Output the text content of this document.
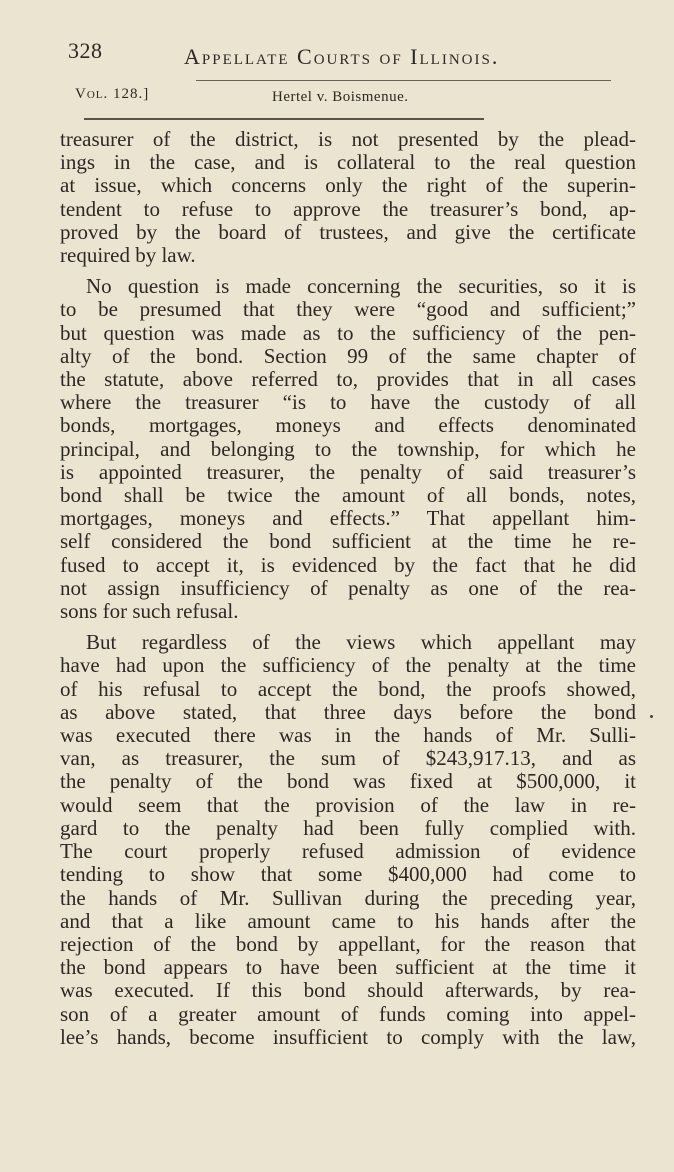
328	Appellate Courts of Illinois.
Vol. 128.]	Hertel v. Boismenue.
treasurer of the district, is not presented by the plead-
ings in the case, and is collateral to the real question
at issue, which concerns only the right of the superin-
tendent to refuse to approve the treasurer’s bond, ap-
proved by the board of trustees, and give the certificate
required by law.
No question is made concerning the securities, so it is
to be presumed that they were “good and sufficient;”
but question was made as to the sufficiency of the pen-
alty of the bond. Section 99 of the same chapter of
the statute, above referred to, provides that in all cases
where the treasurer “is to have the custody of all
bonds, mortgages, moneys and effects denominated
principal, and belonging to the township, for which he
is appointed treasurer, the penalty of said treasurer’s
bond shall be twice the amount of all bonds, notes,
mortgages, moneys and effects.” That appellant him-
self considered the bond sufficient at the time he re-
fused to accept it, is evidenced by the fact that he did
not assign insufficiency of penalty as one of the rea-
sons for such refusal.
But regardless of the views which appellant may
have had upon the sufficiency of the penalty at the time
of his refusal to accept the bond, the proofs showed,
as above stated, that three days before the bond
was executed there was in the hands of Mr. Sulli-
van, as treasurer, the sum of $243,917.13, and as
the penalty of the bond was fixed at $500,000, it
would seem that the provision of the law in re-
gard to the penalty had been fully complied with.
The court properly refused admission of evidence
tending to show that some $400,000 had come to
the hands of Mr. Sullivan during the preceding year,
and that a like amount came to his hands after the
rejection of the bond by appellant, for the reason that
the bond appears to have been sufficient at the time it
was executed. If this bond should afterwards, by rea-
son of a greater amount of funds coming into appel-
lee’s hands, become insufficient to comply with the law,
